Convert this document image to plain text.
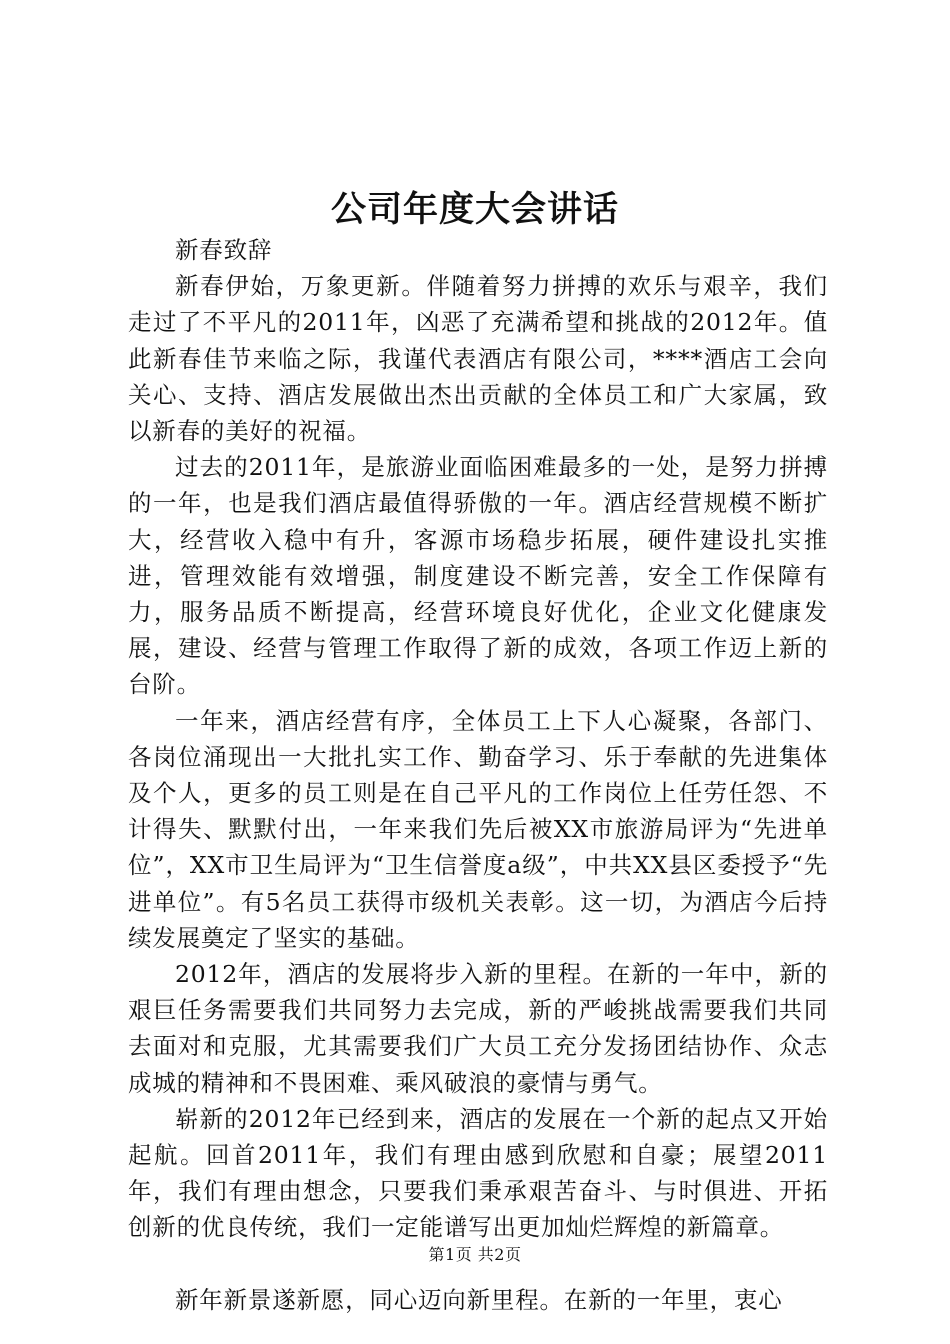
公司年度大会讲话

新春致辞

新春伊始，万象更新。伴随着努力拼搏的欢乐与艰辛，我们走过了不平凡的2011年，凶恶了充满希望和挑战的2012年。值此新春佳节来临之际，我谨代表酒店有限公司，****酒店工会向关心、支持、酒店发展做出杰出贡献的全体员工和广大家属，致以新春的美好的祝福。

过去的2011年，是旅游业面临困难最多的一处，是努力拼搏的一年，也是我们酒店最值得骄傲的一年。酒店经营规模不断扩大，经营收入稳中有升，客源市场稳步拓展，硬件建设扎实推进，管理效能有效增强，制度建设不断完善，安全工作保障有力，服务品质不断提高，经营环境良好优化，企业文化健康发展，建设、经营与管理工作取得了新的成效，各项工作迈上新的台阶。

一年来，酒店经营有序，全体员工上下人心凝聚，各部门、各岗位涌现出一大批扎实工作、勤奋学习、乐于奉献的先进集体及个人，更多的员工则是在自己平凡的工作岗位上任劳任怨、不计得失、默默付出，一年来我们先后被XX市旅游局评为“先进单位”，XX市卫生局评为“卫生信誉度a级”，中共XX县区委授予“先进单位”。有5名员工获得市级机关表彰。这一切，为酒店今后持续发展奠定了坚实的基础。

2012年，酒店的发展将步入新的里程。在新的一年中，新的艰巨任务需要我们共同努力去完成，新的严峻挑战需要我们共同去面对和克服，尤其需要我们广大员工充分发扬团结协作、众志成城的精神和不畏困难、乘风破浪的豪情与勇气。

崭新的2012年已经到来，酒店的发展在一个新的起点又开始起航。回首2011年，我们有理由感到欣慰和自豪；展望2011年，我们有理由想念，只要我们秉承艰苦奋斗、与时俱进、开拓创新的优良传统，我们一定能谱写出更加灿烂辉煌的新篇章。

新年新景遂新愿，同心迈向新里程。在新的一年里，衷心

第1页 共2页
